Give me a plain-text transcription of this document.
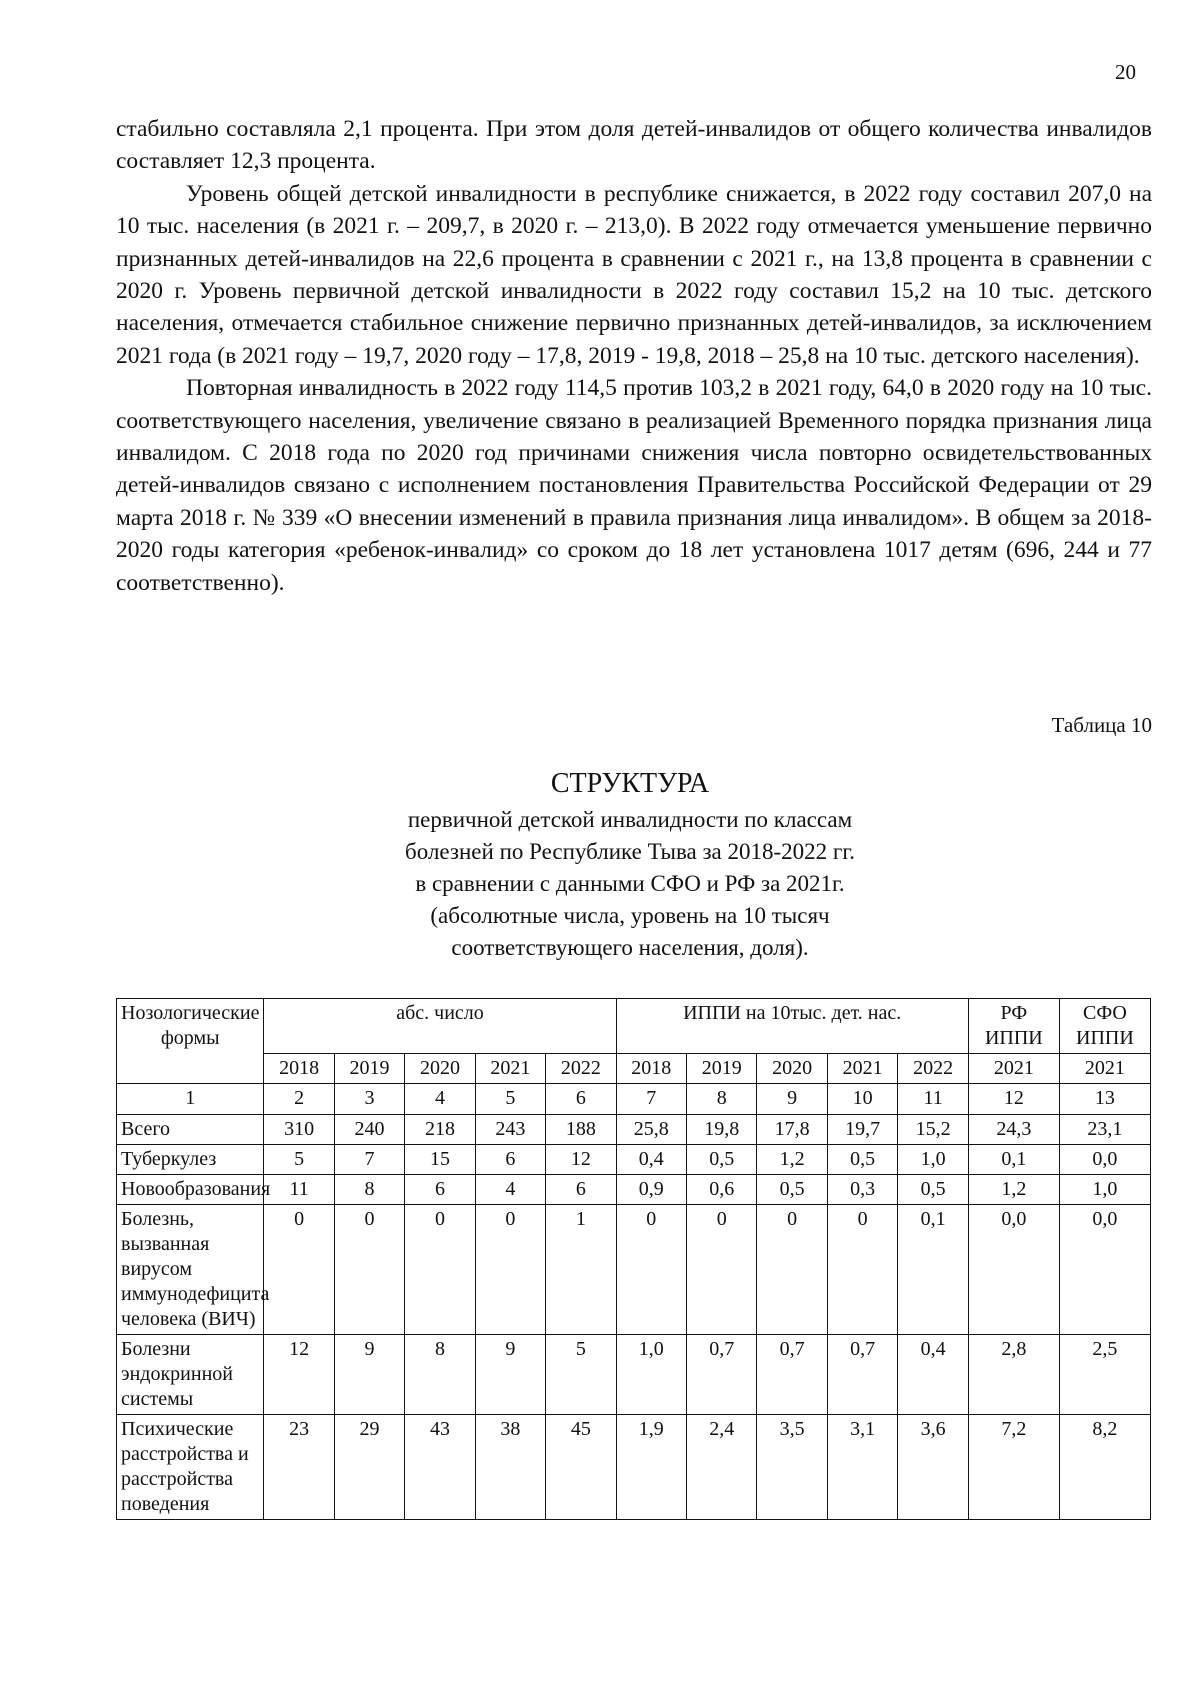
20

стабильно составляла 2,1 процента. При этом доля детей-инвалидов от общего количества инвалидов составляет 12,3 процента.

Уровень общей детской инвалидности в республике снижается, в 2022 году составил 207,0 на 10 тыс. населения (в 2021 г. – 209,7, в 2020 г. – 213,0). В 2022 году отмечается уменьшение первично признанных детей-инвалидов на 22,6 процента в сравнении с 2021 г., на 13,8 процента в сравнении с 2020 г. Уровень первичной детской инвалидности в 2022 году составил 15,2 на 10 тыс. детского населения, отмечается стабильное снижение первично признанных детей-инвалидов, за исключением 2021 года (в 2021 году – 19,7, 2020 году – 17,8, 2019 - 19,8, 2018 – 25,8 на 10 тыс. детского населения).

Повторная инвалидность в 2022 году 114,5 против 103,2 в 2021 году, 64,0 в 2020 году на 10 тыс. соответствующего населения, увеличение связано в реализацией Временного порядка признания лица инвалидом. С 2018 года по 2020 год причинами снижения числа повторно освидетельствованных детей-инвалидов связано с исполнением постановления Правительства Российской Федерации от 29 марта 2018 г. № 339 «О внесении изменений в правила признания лица инвалидом». В общем за 2018-2020 годы категория «ребенок-инвалид» со сроком до 18 лет установлена 1017 детям (696, 244 и 77 соответственно).

Таблица 10
СТРУКТУРА
первичной детской инвалидности по классам
болезней по Республике Тыва за 2018-2022 гг.
в сравнении с данными СФО и РФ за 2021г.
(абсолютные числа, уровень на 10 тысяч
соответствующего населения, доля).
Нозологические формы	абс. число					ИППИ на 10тыс. дет. нас.					РФ ИППИ	СФО ИППИ
	2018	2019	2020	2021	2022	2018	2019	2020	2021	2022	2021	2021
1	2	3	4	5	6	7	8	9	10	11	12	13
Всего	310	240	218	243	188	25,8	19,8	17,8	19,7	15,2	24,3	23,1
Туберкулез	5	7	15	6	12	0,4	0,5	1,2	0,5	1,0	0,1	0,0
Новообразования	11	8	6	4	6	0,9	0,6	0,5	0,3	0,5	1,2	1,0
Болезнь, вызванная вирусом иммунодефицита человека (ВИЧ)	0	0	0	0	1	0	0	0	0	0,1	0,0	0,0
Болезни эндокринной системы	12	9	8	9	5	1,0	0,7	0,7	0,7	0,4	2,8	2,5
Психические расстройства и расстройства поведения	23	29	43	38	45	1,9	2,4	3,5	3,1	3,6	7,2	8,2
